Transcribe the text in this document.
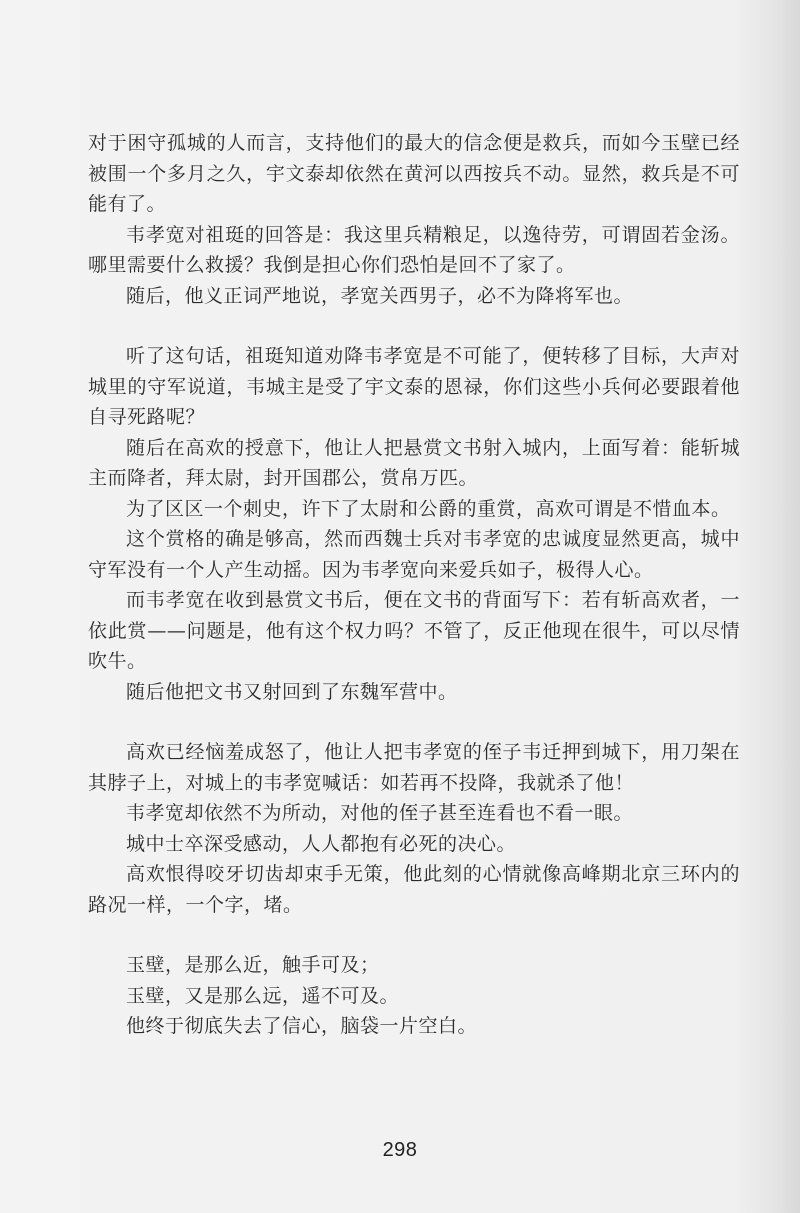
对于困守孤城的人而言，支持他们的最大的信念便是救兵，而如今玉壁已经被围一个多月之久，宇文泰却依然在黄河以西按兵不动。显然，救兵是不可能有了。

韦孝宽对祖珽的回答是：我这里兵精粮足，以逸待劳，可谓固若金汤。哪里需要什么救援？我倒是担心你们恐怕是回不了家了。

随后，他义正词严地说，孝宽关西男子，必不为降将军也。

听了这句话，祖珽知道劝降韦孝宽是不可能了，便转移了目标，大声对城里的守军说道，韦城主是受了宇文泰的恩禄，你们这些小兵何必要跟着他自寻死路呢？

随后在高欢的授意下，他让人把悬赏文书射入城内，上面写着：能斩城主而降者，拜太尉，封开国郡公，赏帛万匹。

为了区区一个刺史，许下了太尉和公爵的重赏，高欢可谓是不惜血本。

这个赏格的确是够高，然而西魏士兵对韦孝宽的忠诚度显然更高，城中守军没有一个人产生动摇。因为韦孝宽向来爱兵如子，极得人心。

而韦孝宽在收到悬赏文书后，便在文书的背面写下：若有斩高欢者，一依此赏——问题是，他有这个权力吗？不管了，反正他现在很牛，可以尽情吹牛。

随后他把文书又射回到了东魏军营中。

高欢已经恼羞成怒了，他让人把韦孝宽的侄子韦迁押到城下，用刀架在其脖子上，对城上的韦孝宽喊话：如若再不投降，我就杀了他！

韦孝宽却依然不为所动，对他的侄子甚至连看也不看一眼。

城中士卒深受感动，人人都抱有必死的决心。

高欢恨得咬牙切齿却束手无策，他此刻的心情就像高峰期北京三环内的路况一样，一个字，堵。

玉壁，是那么近，触手可及；

玉壁，又是那么远，遥不可及。

他终于彻底失去了信心，脑袋一片空白。

298
